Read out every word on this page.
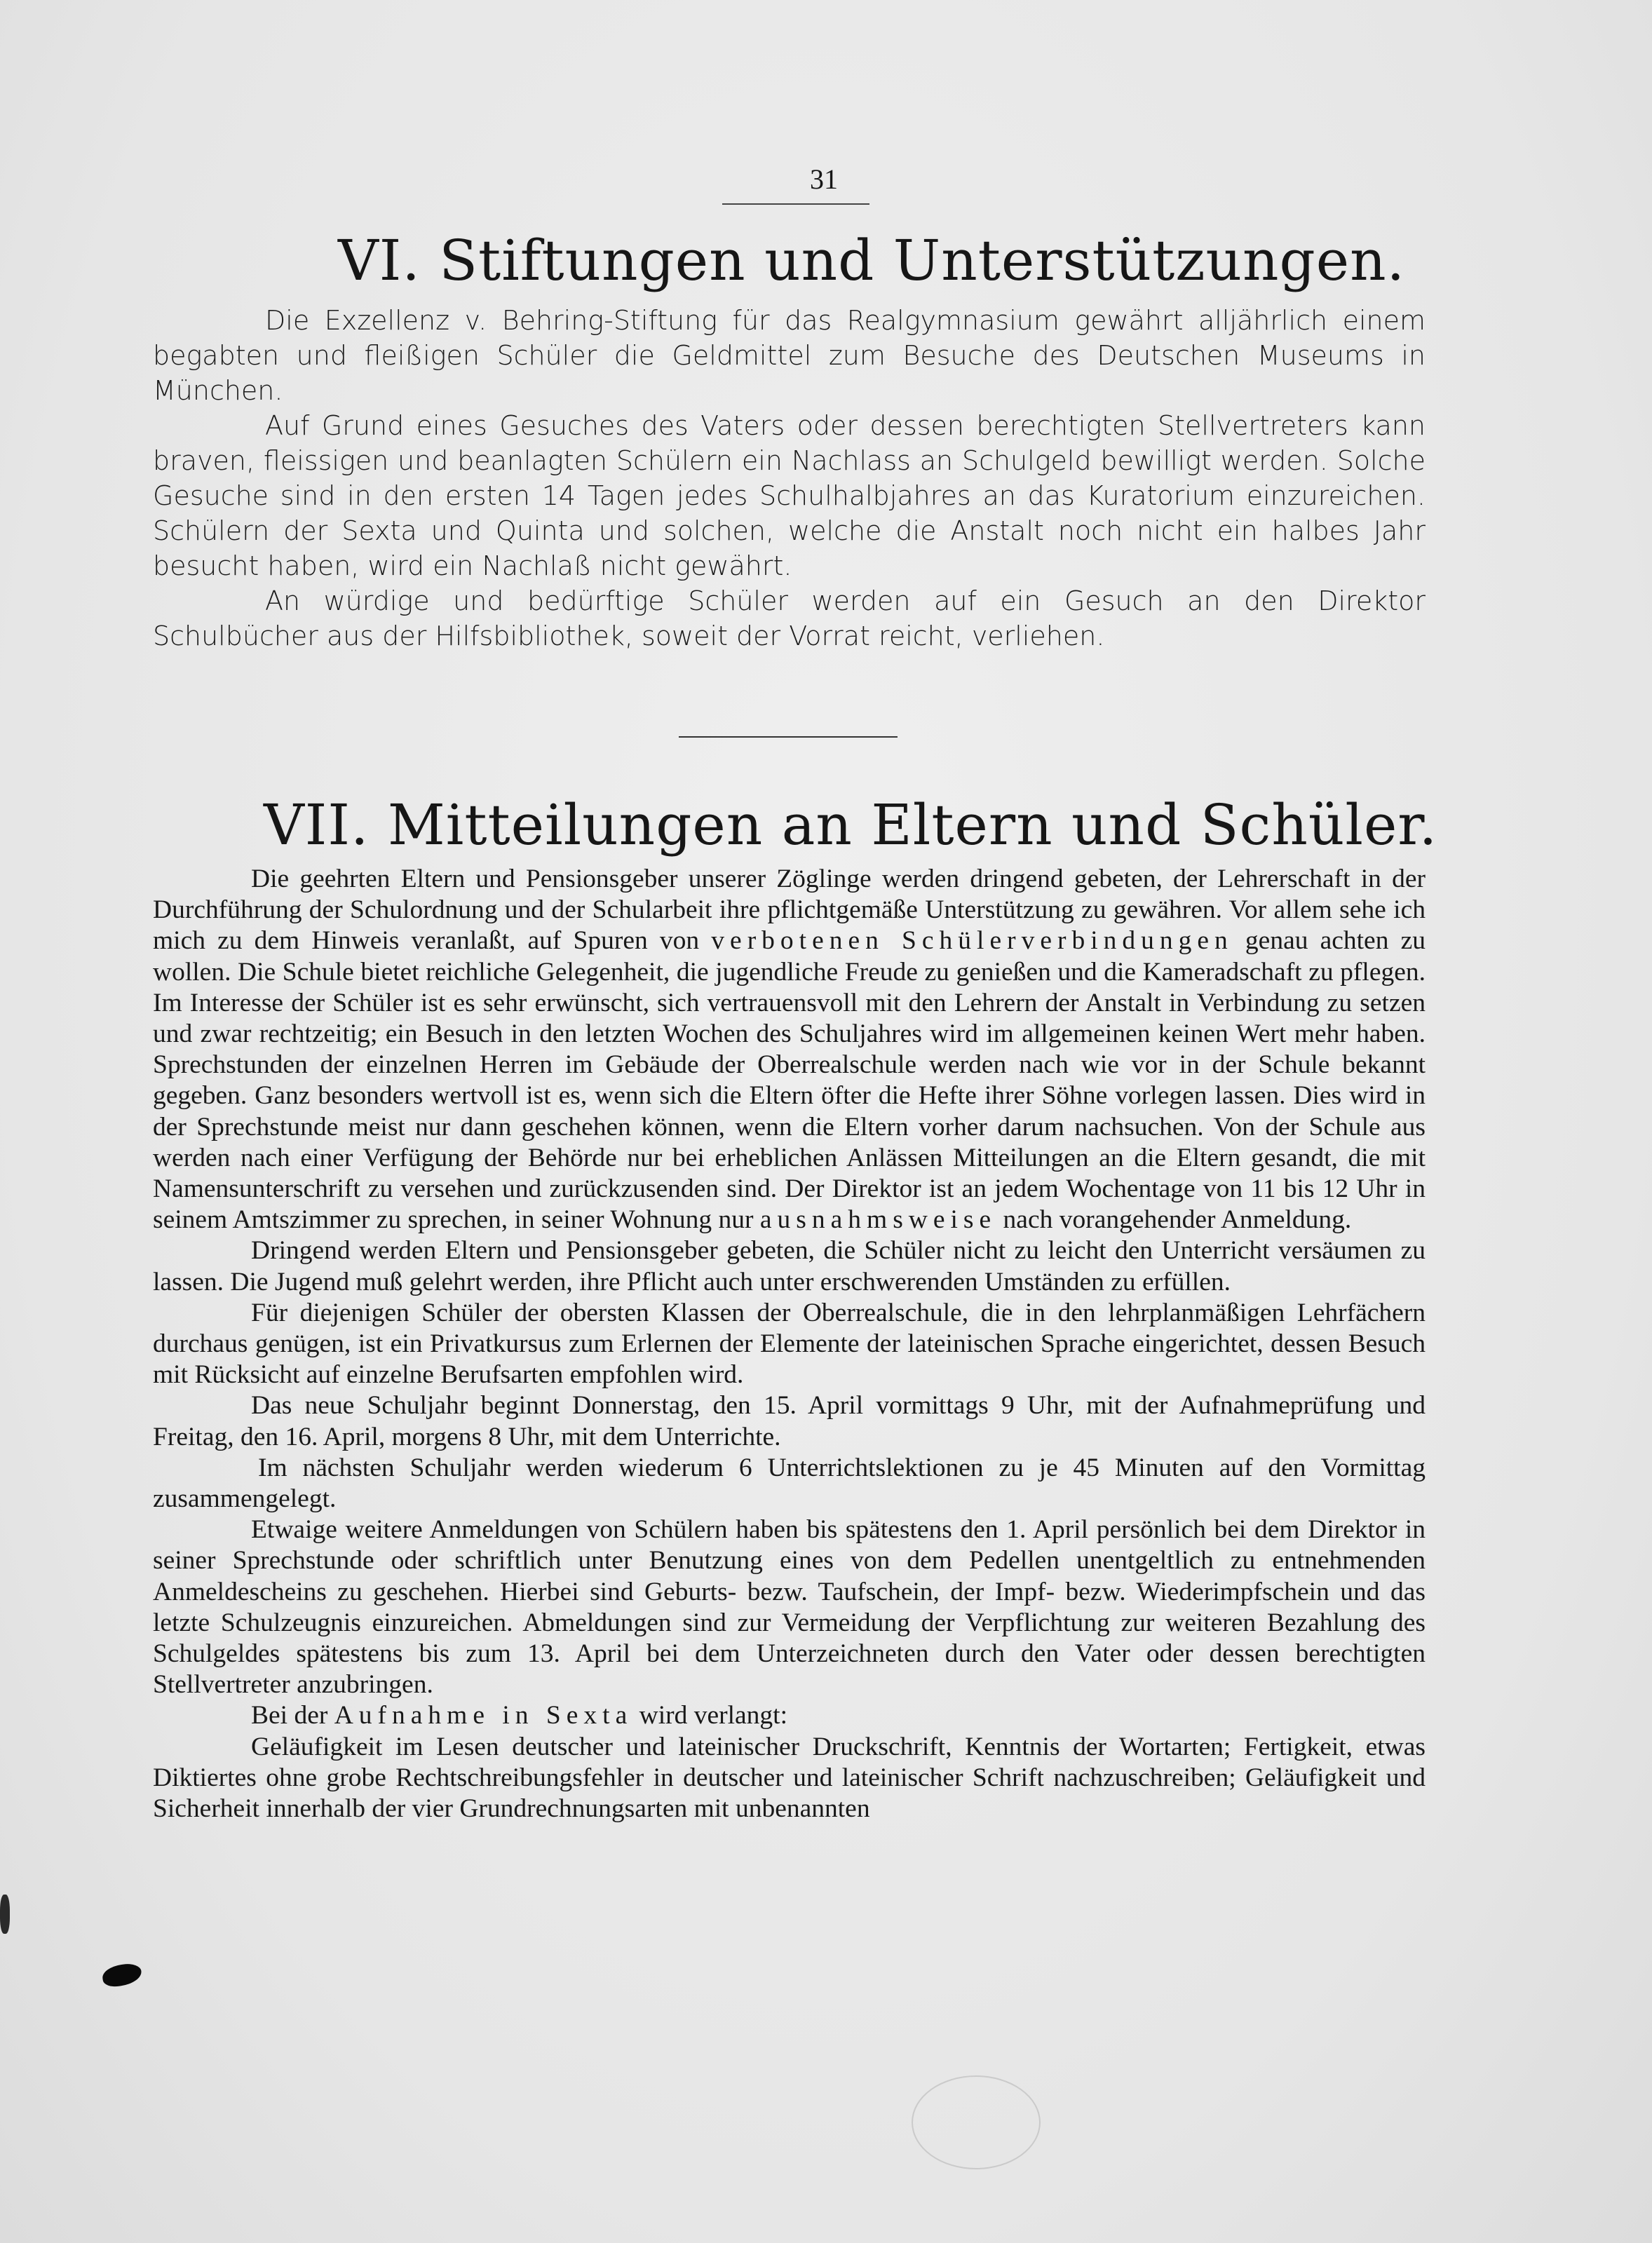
31
VI. Stiftungen und Unterstützungen.

Die Exzellenz v. Behring-Stiftung für das Realgymnasium gewährt alljährlich einem begabten und fleißigen Schüler die Geldmittel zum Besuche des Deutschen Museums in München.

Auf Grund eines Gesuches des Vaters oder dessen berechtigten Stellvertreters kann braven, fleissigen und beanlagten Schülern ein Nachlass an Schulgeld bewilligt werden. Solche Gesuche sind in den ersten 14 Tagen jedes Schulhalbjahres an das Kuratorium einzureichen. Schülern der Sexta und Quinta und solchen, welche die Anstalt noch nicht ein halbes Jahr besucht haben, wird ein Nachlaß nicht gewährt.

An würdige und bedürftige Schüler werden auf ein Gesuch an den Direktor Schulbücher aus der Hilfsbibliothek, soweit der Vorrat reicht, verliehen.

VII. Mitteilungen an Eltern und Schüler.

Die geehrten Eltern und Pensionsgeber unserer Zöglinge werden dringend gebeten, der Lehrerschaft in der Durchführung der Schulordnung und der Schularbeit ihre pflichtgemäße Unterstützung zu gewähren. Vor allem sehe ich mich zu dem Hinweis veranlaßt, auf Spuren von verbotenen Schülerverbindungen genau achten zu wollen. Die Schule bietet reichliche Gelegenheit, die jugendliche Freude zu genießen und die Kameradschaft zu pflegen. Im Interesse der Schüler ist es sehr erwünscht, sich vertrauensvoll mit den Lehrern der Anstalt in Verbindung zu setzen und zwar rechtzeitig; ein Besuch in den letzten Wochen des Schuljahres wird im allgemeinen keinen Wert mehr haben. Sprechstunden der einzelnen Herren im Gebäude der Oberrealschule werden nach wie vor in der Schule bekannt gegeben. Ganz besonders wertvoll ist es, wenn sich die Eltern öfter die Hefte ihrer Söhne vorlegen lassen. Dies wird in der Sprechstunde meist nur dann geschehen können, wenn die Eltern vorher darum nachsuchen. Von der Schule aus werden nach einer Verfügung der Behörde nur bei erheblichen Anlässen Mitteilungen an die Eltern gesandt, die mit Namensunterschrift zu versehen und zurückzusenden sind. Der Direktor ist an jedem Wochentage von 11 bis 12 Uhr in seinem Amtszimmer zu sprechen, in seiner Wohnung nur ausnahmsweise nach vorangehender Anmeldung.

Dringend werden Eltern und Pensionsgeber gebeten, die Schüler nicht zu leicht den Unterricht versäumen zu lassen. Die Jugend muß gelehrt werden, ihre Pflicht auch unter erschwerenden Umständen zu erfüllen.

Für diejenigen Schüler der obersten Klassen der Oberrealschule, die in den lehrplanmäßigen Lehrfächern durchaus genügen, ist ein Privatkursus zum Erlernen der Elemente der lateinischen Sprache eingerichtet, dessen Besuch mit Rücksicht auf einzelne Berufsarten empfohlen wird.

Das neue Schuljahr beginnt Donnerstag, den 15. April vormittags 9 Uhr, mit der Aufnahmeprüfung und Freitag, den 16. April, morgens 8 Uhr, mit dem Unterrichte.

Im nächsten Schuljahr werden wiederum 6 Unterrichtslektionen zu je 45 Minuten auf den Vormittag zusammengelegt.

Etwaige weitere Anmeldungen von Schülern haben bis spätestens den 1. April persönlich bei dem Direktor in seiner Sprechstunde oder schriftlich unter Benutzung eines von dem Pedellen unentgeltlich zu entnehmenden Anmeldescheins zu geschehen. Hierbei sind Geburts- bezw. Taufschein, der Impf- bezw. Wiederimpfschein und das letzte Schulzeugnis einzureichen. Abmeldungen sind zur Vermeidung der Verpflichtung zur weiteren Bezahlung des Schulgeldes spätestens bis zum 13. April bei dem Unterzeichneten durch den Vater oder dessen berechtigten Stellvertreter anzubringen.

Bei der Aufnahme in Sexta wird verlangt:

Geläufigkeit im Lesen deutscher und lateinischer Druckschrift, Kenntnis der Wortarten; Fertigkeit, etwas Diktiertes ohne grobe Rechtschreibungsfehler in deutscher und lateinischer Schrift nachzuschreiben; Geläufigkeit und Sicherheit innerhalb der vier Grundrechnungsarten mit unbenannten
